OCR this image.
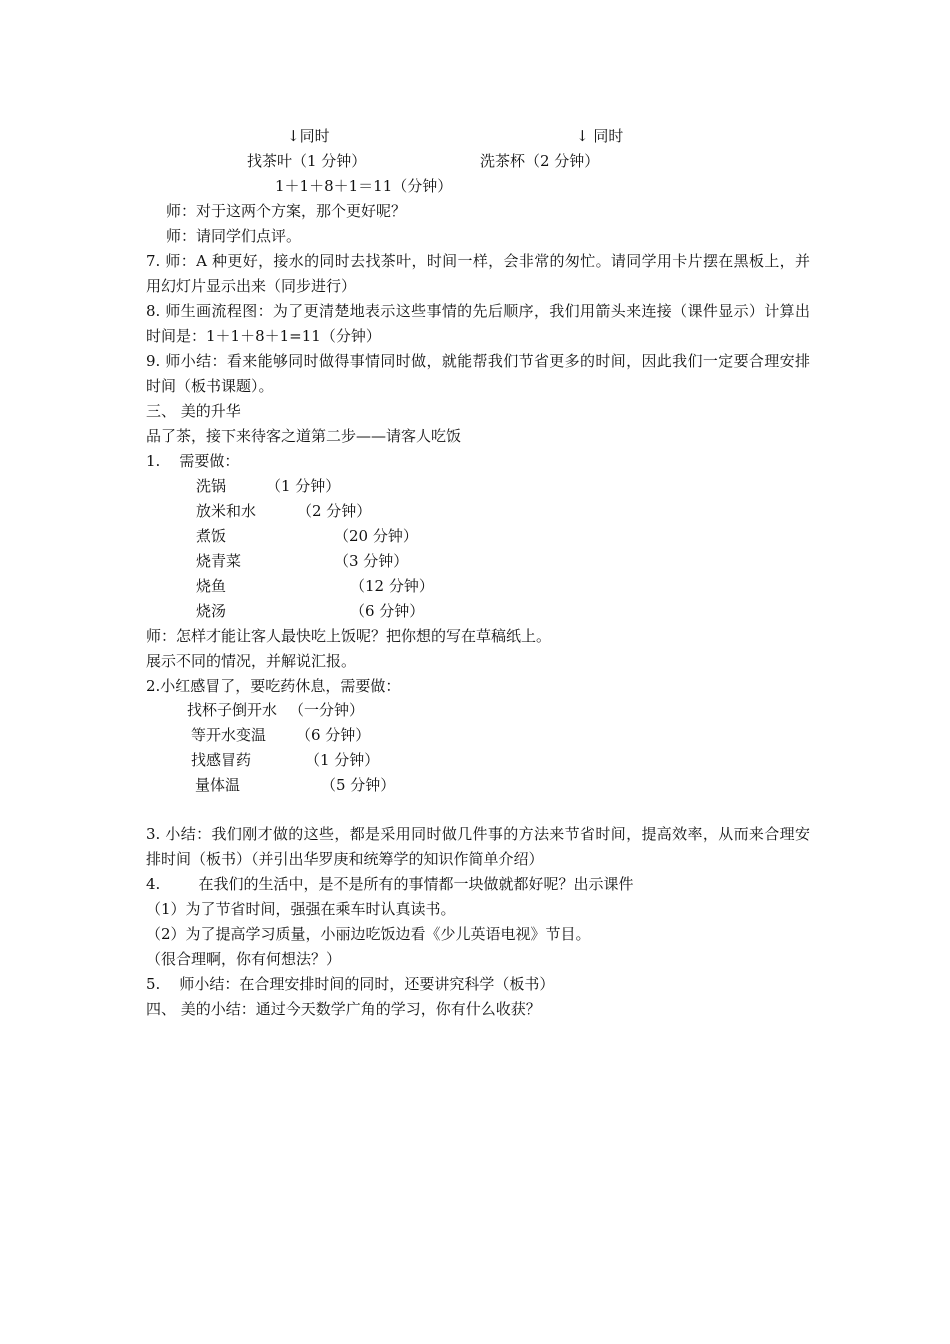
↓同时	↓ 同时
找茶叶（1 分钟）	洗茶杯（2 分钟）
1＋1＋8＋1＝11（分钟）
师：对于这两个方案，那个更好呢？
师：请同学们点评。
7. 师：A 种更好，接水的同时去找茶叶，时间一样，会非常的匆忙。请同学用卡片摆在黑板上，并用幻灯片显示出来（同步进行）
8. 师生画流程图：为了更清楚地表示这些事情的先后顺序，我们用箭头来连接（课件显示）计算出时间是：1＋1＋8＋1=11（分钟）
9. 师小结：看来能够同时做得事情同时做，就能帮我们节省更多的时间，因此我们一定要合理安排时间（板书课题）。
三、 美的升华
品了茶，接下来待客之道第二步——请客人吃饭
1.    需要做：
洗锅	（1 分钟）
放米和水	（2 分钟）
煮饭	（20 分钟）
烧青菜	（3 分钟）
烧鱼	（12 分钟）
烧汤	（6 分钟）
师：怎样才能让客人最快吃上饭呢？把你想的写在草稿纸上。
展示不同的情况，并解说汇报。
2.小红感冒了，要吃药休息，需要做：
找杯子倒开水 （一分钟）
等开水变温 （6 分钟）
找感冒药	（1 分钟）
量体温	（5 分钟）
3. 小结：我们刚才做的这些，都是采用同时做几件事的方法来节省时间，提高效率，从而来合理安排时间（板书）（并引出华罗庚和统筹学的知识作简单介绍）
4.        在我们的生活中，是不是所有的事情都一块做就都好呢？出示课件
（1）为了节省时间，强强在乘车时认真读书。
（2）为了提高学习质量，小丽边吃饭边看《少儿英语电视》节目。
（很合理啊，你有何想法？）
5.    师小结：在合理安排时间的同时，还要讲究科学（板书）
四、 美的小结：通过今天数学广角的学习，你有什么收获？
